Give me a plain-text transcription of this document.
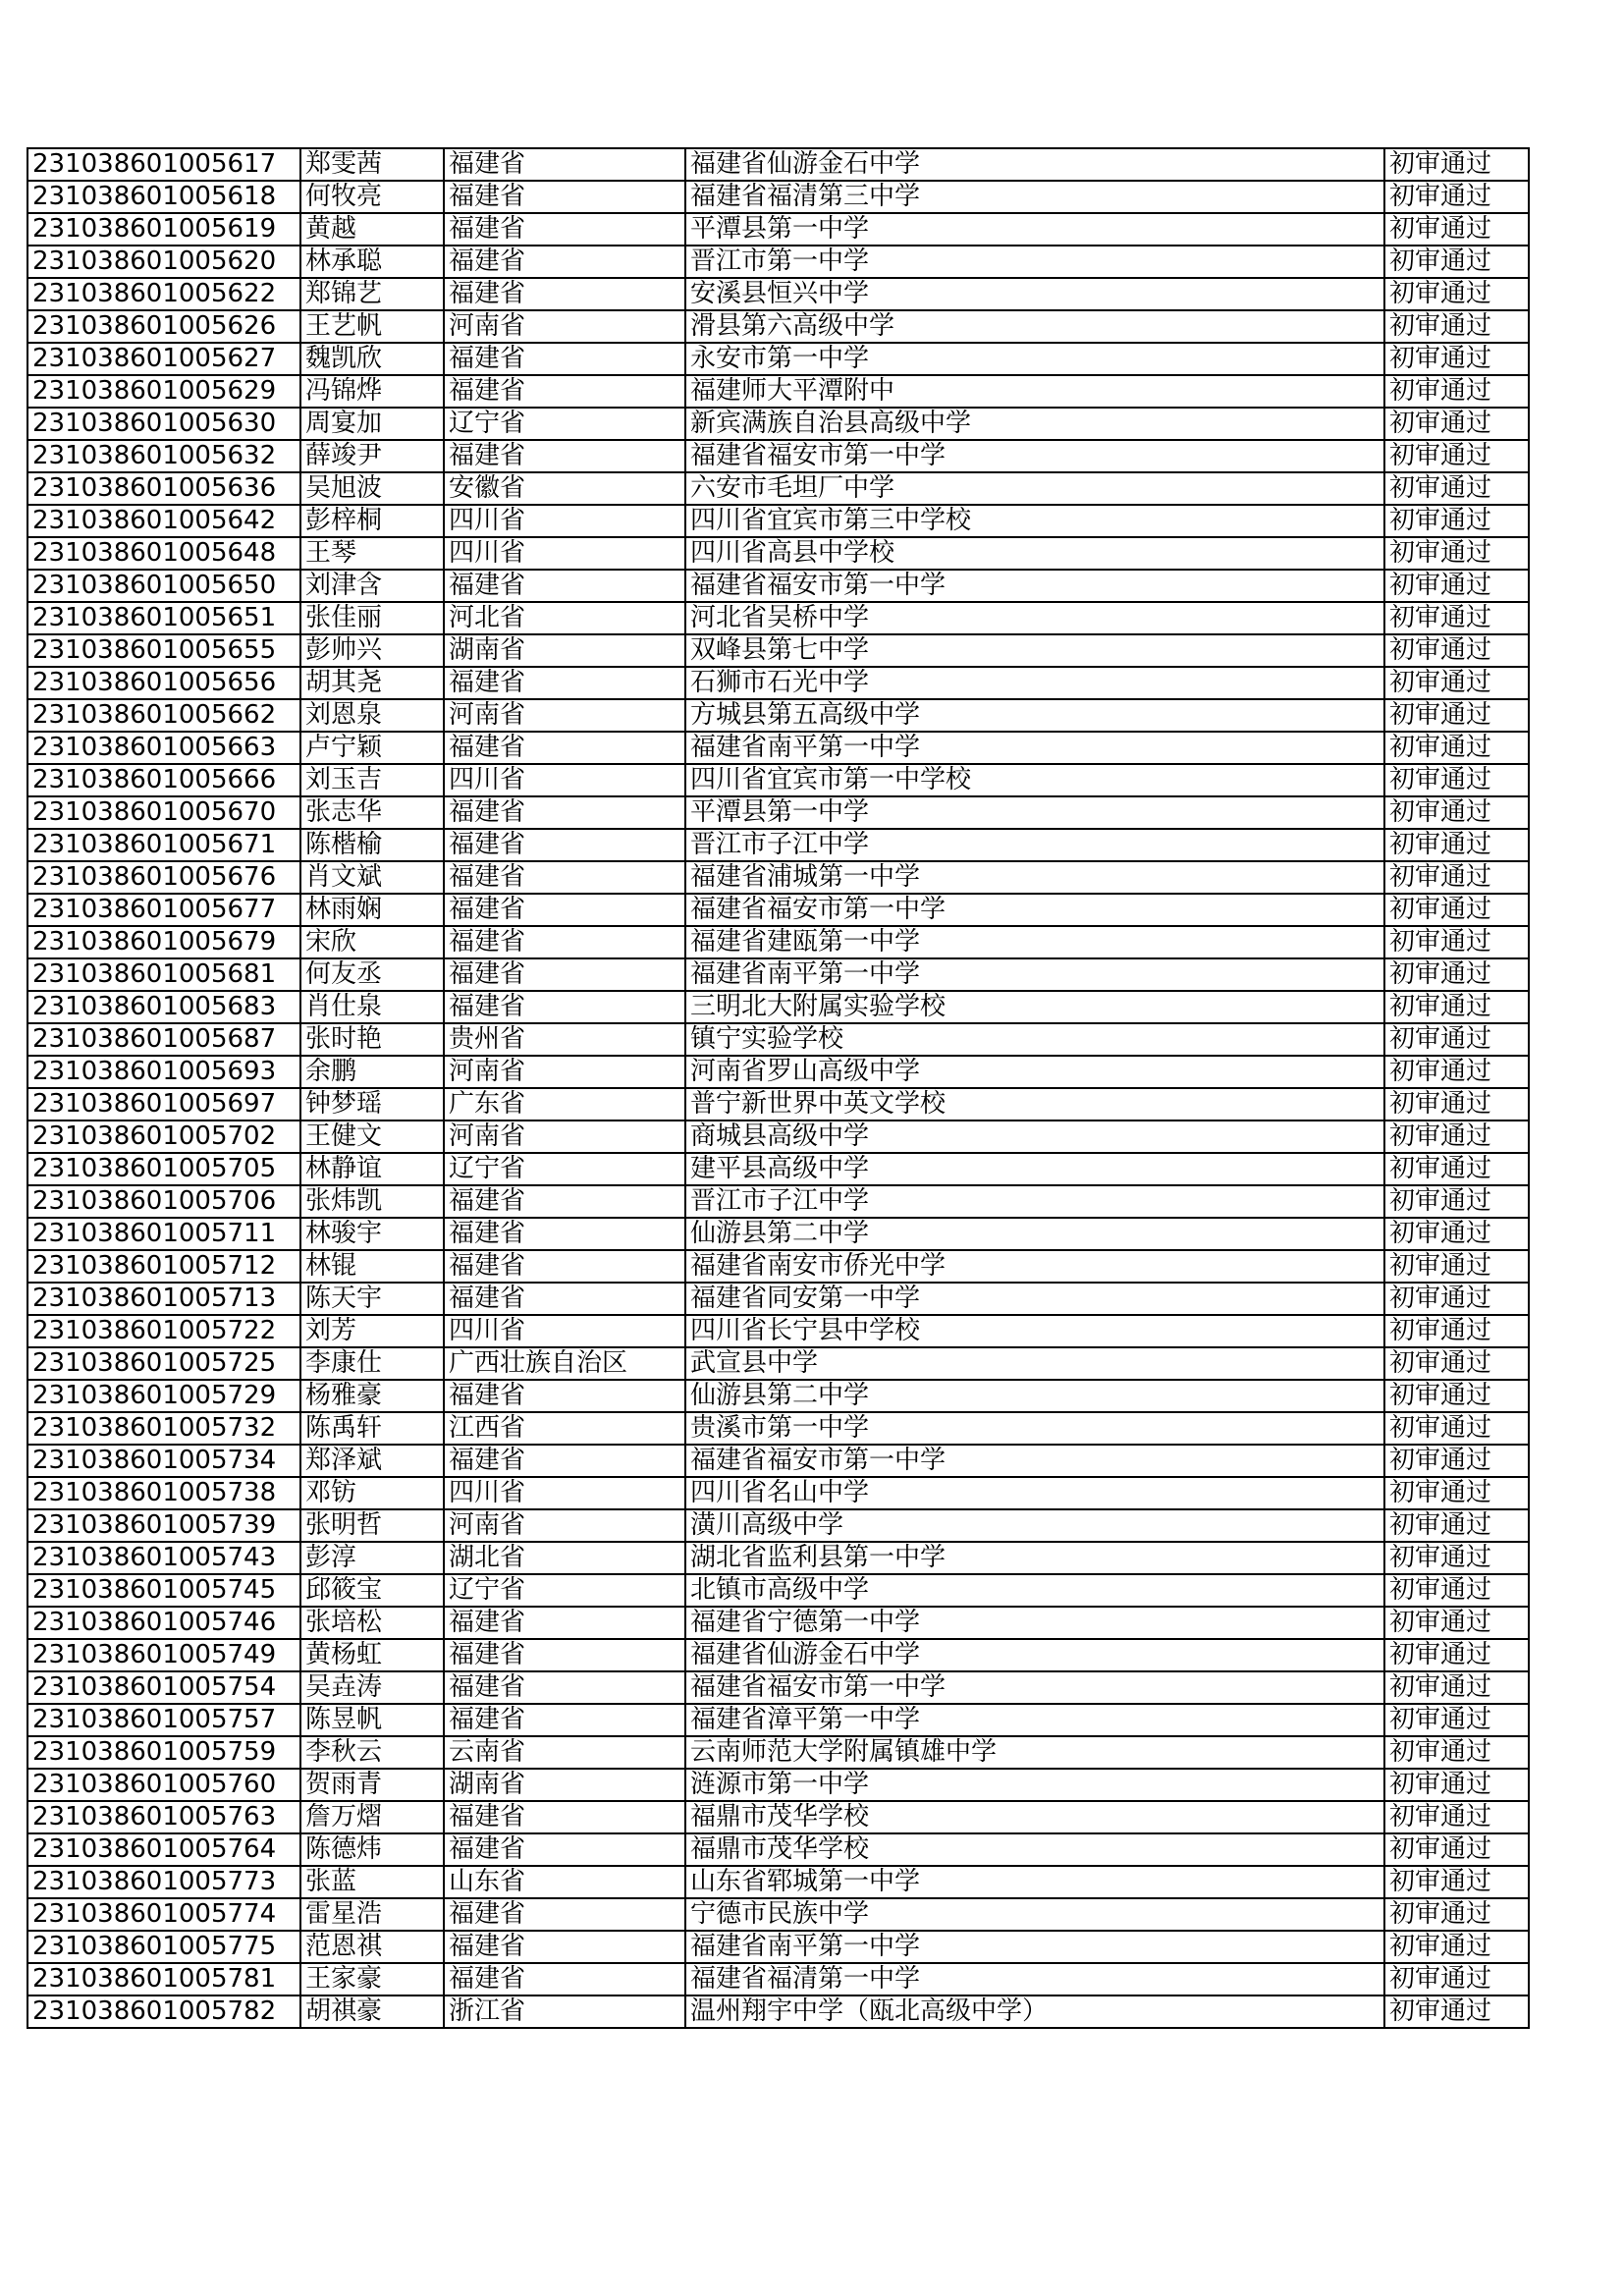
231038601005617	郑雯茜	福建省	福建省仙游金石中学	初审通过
231038601005618	何牧亮	福建省	福建省福清第三中学	初审通过
231038601005619	黄越	福建省	平潭县第一中学	初审通过
231038601005620	林承聪	福建省	晋江市第一中学	初审通过
231038601005622	郑锦艺	福建省	安溪县恒兴中学	初审通过
231038601005626	王艺帆	河南省	滑县第六高级中学	初审通过
231038601005627	魏凯欣	福建省	永安市第一中学	初审通过
231038601005629	冯锦烨	福建省	福建师大平潭附中	初审通过
231038601005630	周宴加	辽宁省	新宾满族自治县高级中学	初审通过
231038601005632	薛竣尹	福建省	福建省福安市第一中学	初审通过
231038601005636	吴旭波	安徽省	六安市毛坦厂中学	初审通过
231038601005642	彭梓桐	四川省	四川省宜宾市第三中学校	初审通过
231038601005648	王琴	四川省	四川省高县中学校	初审通过
231038601005650	刘津含	福建省	福建省福安市第一中学	初审通过
231038601005651	张佳丽	河北省	河北省吴桥中学	初审通过
231038601005655	彭帅兴	湖南省	双峰县第七中学	初审通过
231038601005656	胡其尧	福建省	石狮市石光中学	初审通过
231038601005662	刘恩泉	河南省	方城县第五高级中学	初审通过
231038601005663	卢宁颖	福建省	福建省南平第一中学	初审通过
231038601005666	刘玉吉	四川省	四川省宜宾市第一中学校	初审通过
231038601005670	张志华	福建省	平潭县第一中学	初审通过
231038601005671	陈楷榆	福建省	晋江市子江中学	初审通过
231038601005676	肖文斌	福建省	福建省浦城第一中学	初审通过
231038601005677	林雨娴	福建省	福建省福安市第一中学	初审通过
231038601005679	宋欣	福建省	福建省建瓯第一中学	初审通过
231038601005681	何友丞	福建省	福建省南平第一中学	初审通过
231038601005683	肖仕泉	福建省	三明北大附属实验学校	初审通过
231038601005687	张时艳	贵州省	镇宁实验学校	初审通过
231038601005693	余鹏	河南省	河南省罗山高级中学	初审通过
231038601005697	钟梦瑶	广东省	普宁新世界中英文学校	初审通过
231038601005702	王健文	河南省	商城县高级中学	初审通过
231038601005705	林静谊	辽宁省	建平县高级中学	初审通过
231038601005706	张炜凯	福建省	晋江市子江中学	初审通过
231038601005711	林骏宇	福建省	仙游县第二中学	初审通过
231038601005712	林锟	福建省	福建省南安市侨光中学	初审通过
231038601005713	陈天宇	福建省	福建省同安第一中学	初审通过
231038601005722	刘芳	四川省	四川省长宁县中学校	初审通过
231038601005725	李康仕	广西壮族自治区	武宣县中学	初审通过
231038601005729	杨雅豪	福建省	仙游县第二中学	初审通过
231038601005732	陈禹轩	江西省	贵溪市第一中学	初审通过
231038601005734	郑泽斌	福建省	福建省福安市第一中学	初审通过
231038601005738	邓钫	四川省	四川省名山中学	初审通过
231038601005739	张明哲	河南省	潢川高级中学	初审通过
231038601005743	彭淳	湖北省	湖北省监利县第一中学	初审通过
231038601005745	邱筱宝	辽宁省	北镇市高级中学	初审通过
231038601005746	张培松	福建省	福建省宁德第一中学	初审通过
231038601005749	黄杨虹	福建省	福建省仙游金石中学	初审通过
231038601005754	吴垚涛	福建省	福建省福安市第一中学	初审通过
231038601005757	陈昱帆	福建省	福建省漳平第一中学	初审通过
231038601005759	李秋云	云南省	云南师范大学附属镇雄中学	初审通过
231038601005760	贺雨青	湖南省	涟源市第一中学	初审通过
231038601005763	詹万熠	福建省	福鼎市茂华学校	初审通过
231038601005764	陈德炜	福建省	福鼎市茂华学校	初审通过
231038601005773	张蓝	山东省	山东省郓城第一中学	初审通过
231038601005774	雷星浩	福建省	宁德市民族中学	初审通过
231038601005775	范恩祺	福建省	福建省南平第一中学	初审通过
231038601005781	王家豪	福建省	福建省福清第一中学	初审通过
231038601005782	胡祺豪	浙江省	温州翔宇中学（瓯北高级中学）	初审通过
